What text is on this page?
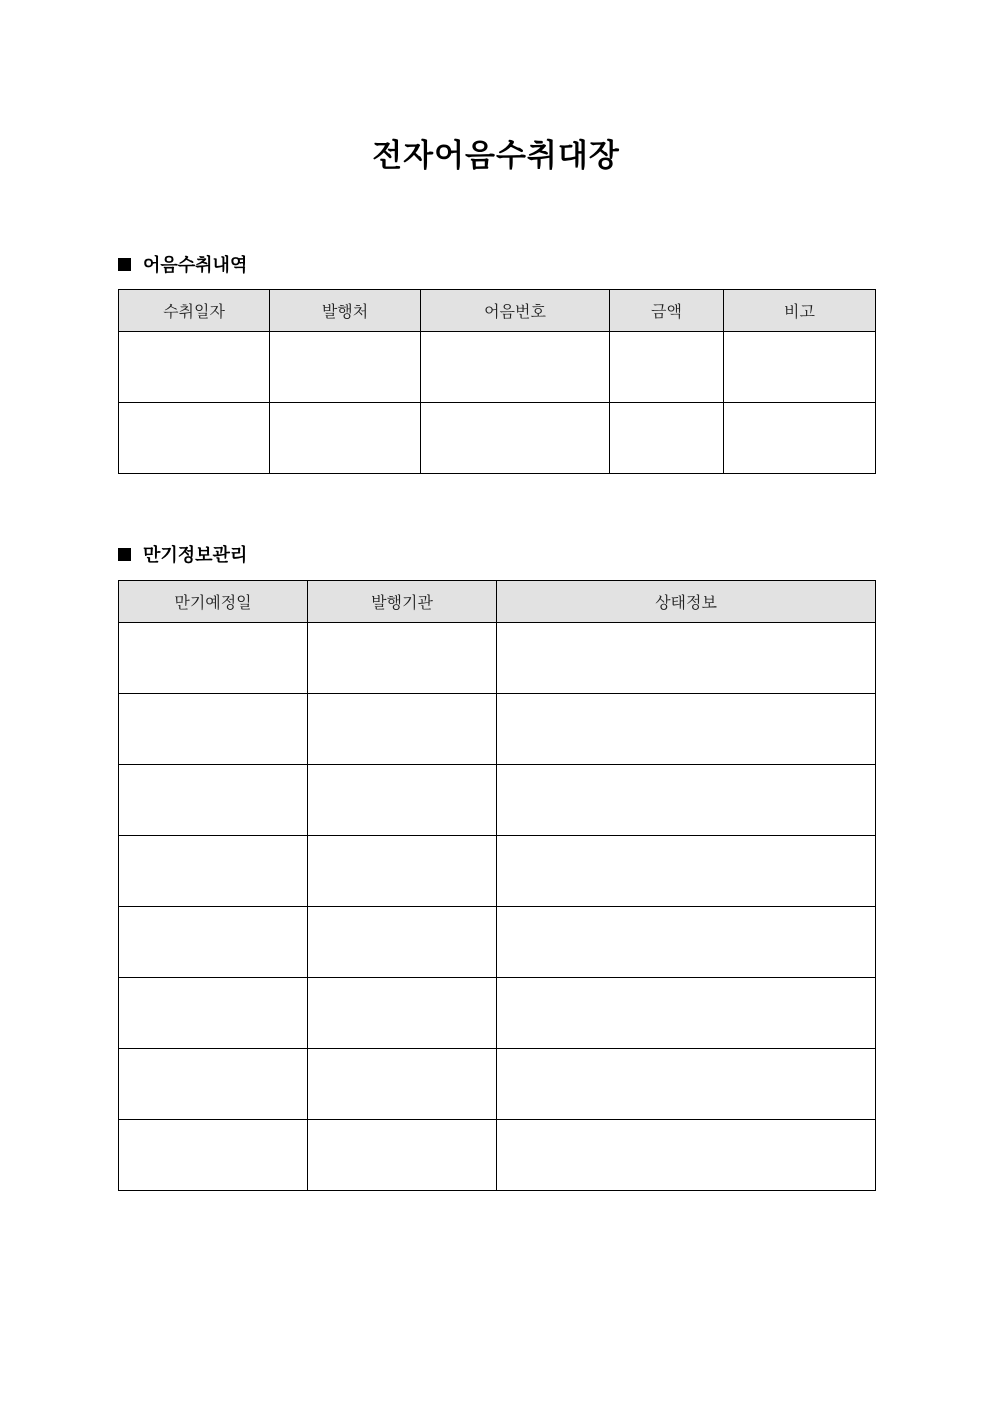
전자어음수취대장
어음수취내역
수취일자	발행처	어음번호	금액	비고

만기정보관리
만기예정일	발행기관	상태정보
